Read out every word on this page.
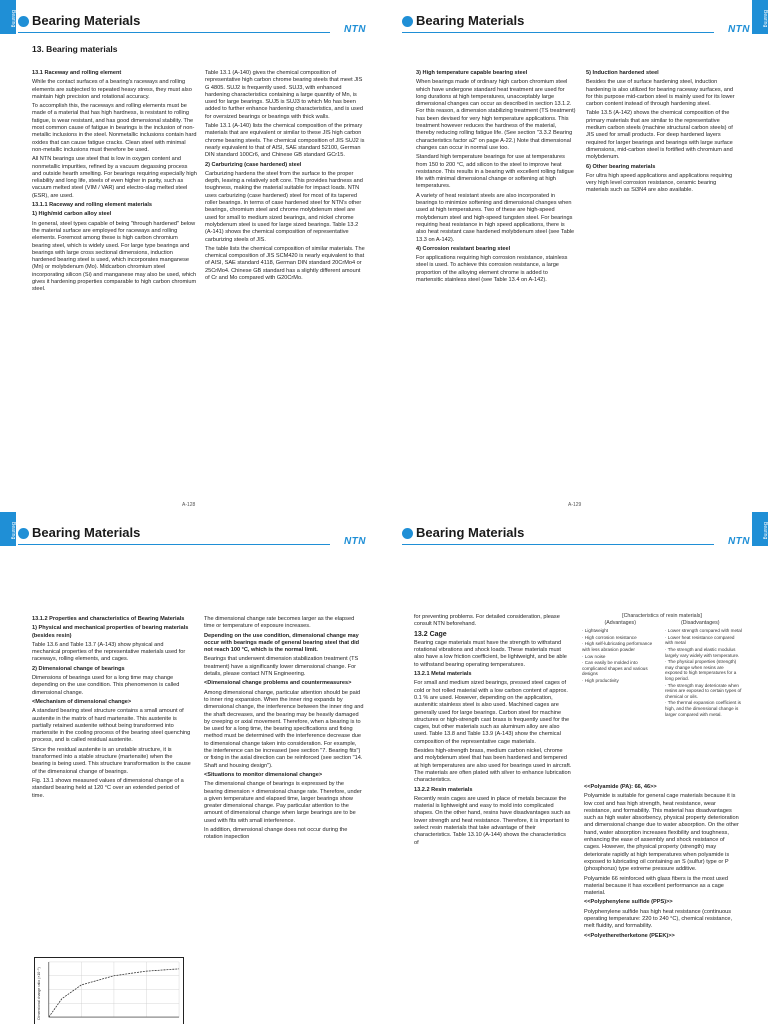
Bearing Bearing Materials
NTN
13. Bearing materials

13.1 Raceway and rolling element

While the contact surfaces of a bearing's raceways and rolling elements are subjected to repeated heavy stress, they must also maintain high precision and rotational accuracy.

To accomplish this, the raceways and rolling elements must be made of a material that has high hardness, is resistant to rolling fatigue, is wear resistant, and has good dimensional stability. The most common cause of fatigue in bearings is the inclusion of non-metallic inclusions in the steel. Nonmetallic inclusions contain hard oxides that can cause fatigue cracks. Clean steel with minimal non-metallic inclusions must therefore be used.

All NTN bearings use steel that is low in oxygen content and nonmetallic impurities, refined by a vacuum degassing process and outside hearth smelting. For bearings requiring especially high reliability and long life, steels of even higher in purity, such as vacuum melted steel (VIM / VAR) and electro-slag melted steel (ESR), are used.

13.1.1 Raceway and rolling element materials

1) High/mid carbon alloy steel

In general, steel types capable of being "through hardened" below the material surface are employed for raceways and rolling elements. Foremost among these is high carbon chromium bearing steel, which is widely used. For large type bearings and bearings with large cross sectional dimensions, induction hardened bearing steel is used, which incorporates manganese (Mn) or molybdenum (Mo). Midcarbon chromium steel incorporating silicon (Si) and manganese may also be used, which gives it hardening properties comparable to high carbon chromium steel.

Table 13.1 (A-140) gives the chemical composition of representative high carbon chrome bearing steels that meet JIS G 4805. SUJ2 is frequently used. SUJ3, with enhanced hardening characteristics containing a large quantity of Mn, is used for large bearings. SUJ5 is SUJ3 to which Mo has been added to further enhance hardening characteristics, and is used for oversized bearings or bearings with thick walls.

Table 13.1 (A-140) lists the chemical composition of the primary materials that are equivalent or similar to these JIS high carbon chrome bearing steels. The chemical composition of JIS SUJ2 is nearly equivalent to that of AISI, SAE standard 52100, German DIN standard 100Cr6, and Chinese GB standard GCr15.

2) Carburizing (case hardened) steel

Carburizing hardens the steel from the surface to the proper depth, leaving a relatively soft core. This provides hardness and toughness, making the material suitable for impact loads. NTN uses carburizing (case hardened) steel for most of its tapered roller bearings. In terms of case hardened steel for NTN's other bearings, chromium steel and chrome molybdenum steel are used for small to medium sized bearings, and nickel chrome molybdenum steel is used for large sized bearings. Table 13.2 (A-141) shows the chemical composition of representative carburizing steels of JIS.

The table lists the chemical composition of similar materials. The chemical composition of JIS SCM420 is nearly equivalent to that of AISI, SAE standard 4118, German DIN standard 20CrMo4 or 25CrMo4. Chinese GB standard has a slightly different amount of Cr and Mo compared with G20CrMo.

A-128
Bearing
Bearing Materials
NTN

3) High temperature capable bearing steel

When bearings made of ordinary high carbon chromium steel which have undergone standard heat treatment are used for long durations at high temperatures, unacceptably large dimensional changes can occur as described in section 13.1.2. For this reason, a dimension stabilizing treatment (TS treatment) has been devised for very high temperature applications. This treatment however reduces the hardness of the material, thereby reducing rolling fatigue life. (See section "3.3.2 Bearing characteristics factor a2" on page A-22.) Note that dimensional changes can occur in normal use too.

Standard high temperature bearings for use at temperatures from 150 to 200 °C, add silicon to the steel to improve heat resistance. This results in a bearing with excellent rolling fatigue life with minimal dimensional change or softening at high temperatures.

A variety of heat resistant steels are also incorporated in bearings to minimize softening and dimensional changes when used at high temperatures. Two of these are high-speed molybdenum steel and high-speed tungsten steel. For bearings requiring heat resistance in high speed applications, there is also heat resistant case hardened molybdenum steel (see Table 13.3 on A-142).

4) Corrosion resistant bearing steel

For applications requiring high corrosion resistance, stainless steel is used. To achieve this corrosion resistance, a large proportion of the alloying element chrome is added to martensitic stainless steel (see Table 13.4 on A-142).

5) Induction hardened steel

Besides the use of surface hardening steel, induction hardening is also utilized for bearing raceway surfaces, and for this purpose mid-carbon steel is mainly used for its lower carbon content instead of through hardening steel.

Table 13.5 (A-142) shows the chemical composition of the primary materials that are similar to the representative medium carbon steels (machine structural carbon steels) of JIS used for small products. For deep hardened layers required for larger bearings and bearings with large surface dimensions, mid-carbon steel is fortified with chromium and molybdenum.

6) Other bearing materials

For ultra high speed applications and applications requiring very high level corrosion resistance, ceramic bearing materials such as Si3N4 are also available.

A-129
Bearing Bearing Materials
NTN

13.1.2 Properties and characteristics of Bearing Materials

1) Physical and mechanical properties of bearing materials (besides resin)

Table 13.6 and Table 13.7 (A-143) show physical and mechanical properties of the representative materials used for raceways, rolling elements, and cages.

2) Dimensional change of bearings

Dimensions of bearings used for a long time may change depending on the use condition. This phenomenon is called dimensional change.

<Mechanism of dimensional change>

A standard bearing steel structure contains a small amount of austenite in the matrix of hard martensite. This austenite is partially retained austenite without being transformed into martensite in the cooling process of the bearing steel quenching process, and is called residual austenite.

Since the residual austenite is an unstable structure, it is transformed into a stable structure (martensite) when the bearing is being used. This structure transformation is the cause of the dimensional change of bearings.

Fig. 13.1 shows measured values of dimensional change of a standard bearing held at 120 °C over an extended period of time.

The dimensional change rate becomes larger as the elapsed time or temperature of exposure increases.

Depending on the use condition, dimensional change may occur with bearings made of general bearing steel that did not reach 100 °C, which is the normal limit.

Bearings that underwent dimension stabilization treatment (TS treatment) have a significantly lower dimensional change. For details, please contact NTN Engineering.

<Dimensional change problems and countermeasures>

Among dimensional change, particular attention should be paid to inner ring expansion. When the inner ring expands by dimensional change, the interference between the inner ring and the shaft decreases, and the bearing may be heavily damaged by creeping or axial movement. Therefore, when a bearing is to be used for a long time, the bearing specifications and fixing method must be determined with the interference decrease due to dimensional change taken into consideration. For example, the interference can be increased (see section "7. Bearing fits") or fixing in the axial direction can be reinforced (see section "14. Shaft and housing design").

<Situations to monitor dimensional change>

The dimensional change of bearings is expressed by the bearing dimension × dimensional change rate. Therefore, under a given temperature and elapsed time, larger bearings show greater dimensional change. Pay particular attention to the amount of dimensional change when large bearings are to be used with fits with small interference.

In addition, dimensional change does not occur during the rotation inspection

Dimensional change ratio (×10⁻⁵)
Bearing
Bearing Materials
NTN

for preventing problems. For detailed consideration, please consult NTN beforehand.

13.2 Cage

Bearing cage materials must have the strength to withstand rotational vibrations and shock loads. These materials must also have a low friction coefficient, be lightweight, and be able to withstand bearing operating temperatures.

13.2.1 Metal materials

For small and medium sized bearings, pressed steel cages of cold or hot rolled material with a low carbon content of approx. 0.1 % are used. However, depending on the application, austenitic stainless steel is also used. Machined cages are generally used for large bearings. Carbon steel for machine structures or high-strength cast brass is frequently used for the cages, but other materials such as aluminum alloy are also used. Table 13.8 and Table 13.9 (A-143) show the chemical composition of the representative cage materials.

Besides high-strength brass, medium carbon nickel, chrome and molybdenum steel that has been hardened and tempered at high temperatures are also used for bearings used in aircraft. The materials are often plated with silver to enhance lubrication characteristics.

13.2.2 Resin materials

Recently resin cages are used in place of metals because the material is lightweight and easy to mold into complicated shapes. On the other hand, resins have disadvantages such as lower strength and heat resistance. Therefore, it is important to select resin materials that take advantage of their characteristics. Table 13.10 (A-144) shows the characteristics of

<<Polyamide (PA): 66, 46>>

Polyamide is suitable for general cage materials because it is low cost and has high strength, heat resistance, wear resistance, and formability. This material has disadvantages such as high water absorbency, physical property deterioration and dimensional change due to water absorption. On the other hand, water absorption increases flexibility and toughness, enhancing the ease of assembly and shock resistance of cages. However, the physical property (strength) may deteriorate rapidly at high temperatures when polyamide is exposed to lubricating oil containing an S (sulfur) type or P (phosphorus) type extreme pressure additive.

Polyamide 66 reinforced with glass fibers is the most used material because it has excellent performance as a cage material.

<<Polyphenylene sulfide (PPS)>>

Polyphenylene sulfide has high heat resistance (continuous operating temperature: 220 to 240 °C), chemical resistance, melt fluidity, and formability.

<<Polyetheretherketone (PEEK)>>

[Characteristics of resin materials]
(Advantages)	(Disadvantages)
· Lightweight
· High corrosion resistance
· High self-lubricating performance with less abrasion powder
· Low noise
· Can easily be molded into complicated shapes and various designs
· High productivity
· Lower strength compared with metal
· Lower heat resistance compared with metal
· The strength and elastic modulus largely vary widely with temperature.
· The physical properties (strength) may change when resins are exposed to high temperatures for a long period.
· The strength may deteriorate when resins are exposed to certain types of chemical or oils.
· The thermal expansion coefficient is high, and the dimensional change is larger compared with metal.
